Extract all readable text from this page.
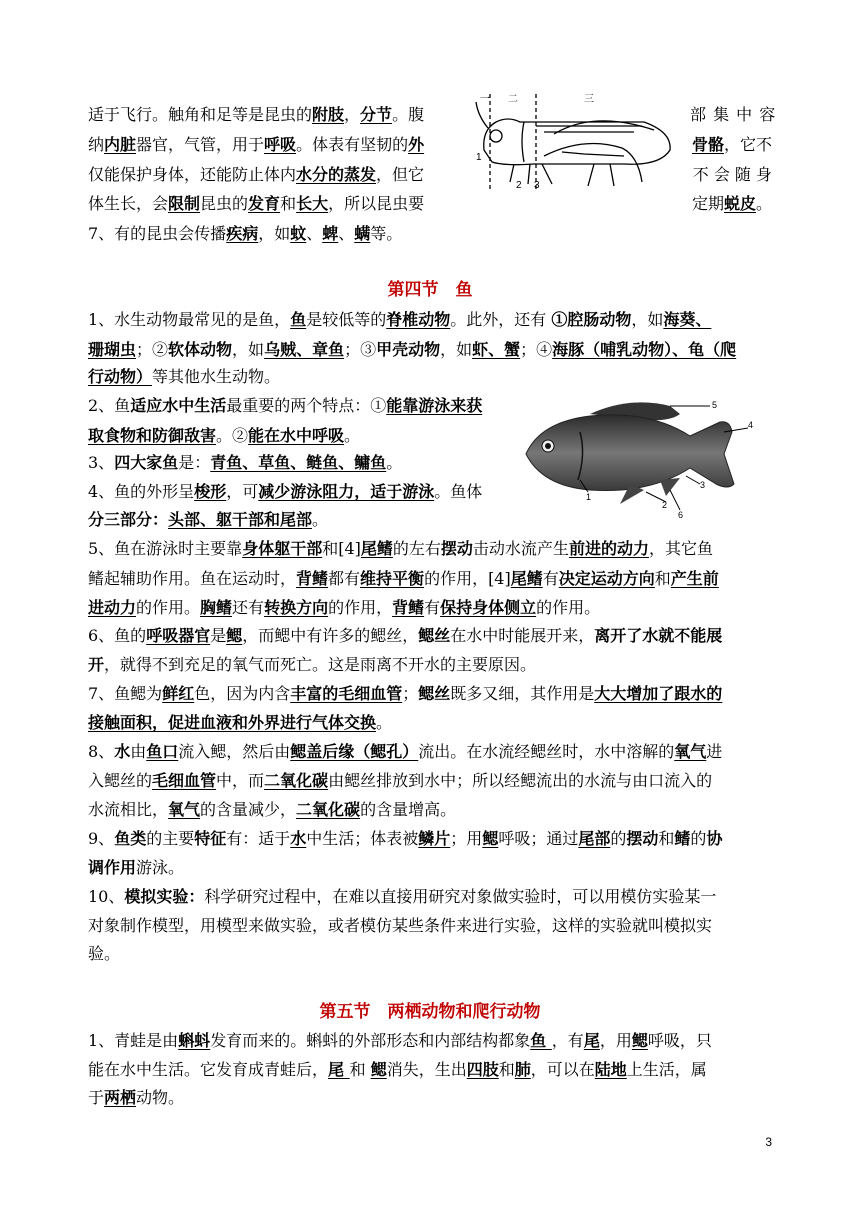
适于飞行。触角和足等是昆虫的附肢，分节。腹	部 集 中 容
纳内脏器官，气管，用于呼吸。体表有坚韧的外	骨骼，它不
仅能保护身体，还能防止体内水分的蒸发，但它	不 会 随 身
体生长，会限制昆虫的发育和长大，所以昆虫要	定期蜕皮。
7、有的昆虫会传播疾病，如蚊、蜱、螨等。
一 二	三
1
2 3
第四节　鱼
1、水生动物最常见的是鱼，鱼是较低等的脊椎动物。此外，还有 ①腔肠动物，如海葵、
珊瑚虫；②软体动物，如乌贼、章鱼；③甲壳动物，如虾、蟹；④海豚（哺乳动物）、龟（爬
行动物）等其他水生动物。
2、鱼适应水中生活最重要的两个特点：①能靠游泳来获
取食物和防御敌害。②能在水中呼吸。
3、四大家鱼是：青鱼、草鱼、鲢鱼、鳙鱼。
4、鱼的外形呈梭形，可减少游泳阻力，适于游泳。鱼体
分三部分：头部、躯干部和尾部。
1
2
3
4
5
6
5、鱼在游泳时主要靠身体躯干部和[4]尾鳍的左右摆动击动水流产生前进的动力，其它鱼
鳍起辅助作用。鱼在运动时，背鳍都有维持平衡的作用，[4]尾鳍有决定运动方向和产生前
进动力的作用。胸鳍还有转换方向的作用，背鳍有保持身体侧立的作用。
6、鱼的呼吸器官是鳃，而鳃中有许多的鳃丝，鳃丝在水中时能展开来，离开了水就不能展
开，就得不到充足的氧气而死亡。这是雨离不开水的主要原因。
7、鱼鳃为鲜红色，因为内含丰富的毛细血管；鳃丝既多又细，其作用是大大增加了跟水的
接触面积，促进血液和外界进行气体交换。
8、水由鱼口流入鳃，然后由鳃盖后缘（鳃孔）流出。在水流经鳃丝时，水中溶解的氧气进
入鳃丝的毛细血管中，而二氧化碳由鳃丝排放到水中；所以经鳃流出的水流与由口流入的
水流相比，氧气的含量减少，二氧化碳的含量增高。
9、鱼类的主要特征有：适于水中生活；体表被鳞片；用鳃呼吸；通过尾部的摆动和鳍的协
调作用游泳。
10、模拟实验：科学研究过程中，在难以直接用研究对象做实验时，可以用模仿实验某一
对象制作模型，用模型来做实验，或者模仿某些条件来进行实验，这样的实验就叫模拟实
验。
第五节　两栖动物和爬行动物
1、青蛙是由蝌蚪发育而来的。蝌蚪的外部形态和内部结构都象鱼 ，有尾，用鳃呼吸，只
能在水中生活。它发育成青蛙后，尾 和 鳃消失，生出四肢和肺，可以在陆地上生活，属
于两栖动物。
3
